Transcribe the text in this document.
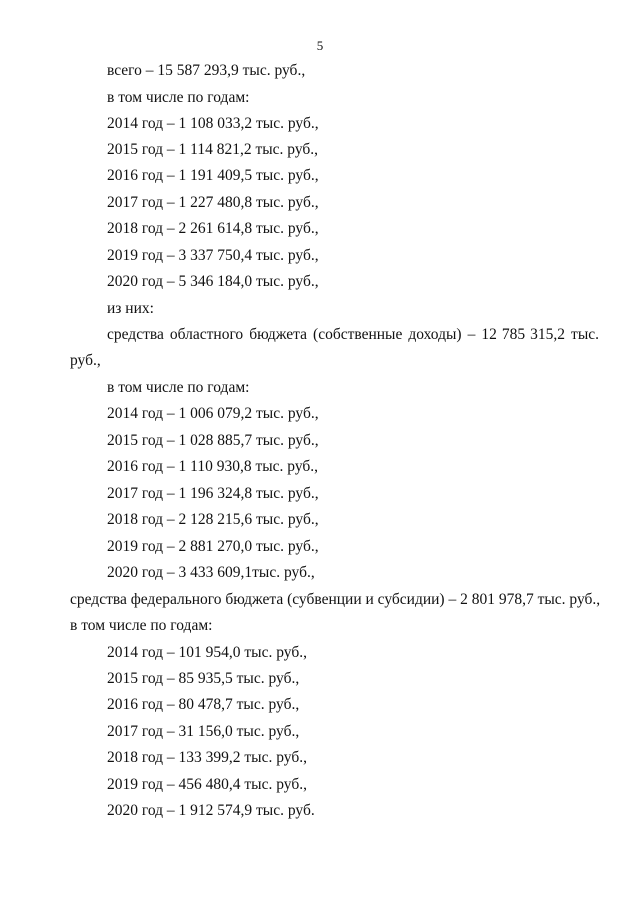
5
всего – 15 587 293,9 тыс. руб.,
в том числе по годам:
2014 год – 1 108 033,2 тыс. руб.,
2015 год – 1 114 821,2 тыс. руб.,
2016 год – 1 191 409,5 тыс. руб.,
2017 год – 1 227 480,8 тыс. руб.,
2018 год – 2 261 614,8 тыс. руб.,
2019 год – 3 337 750,4 тыс. руб.,
2020 год – 5 346 184,0 тыс. руб.,
из них:
средства областного бюджета (собственные доходы) – 12 785 315,2 тыс.
руб.,
в том числе по годам:
2014 год – 1 006 079,2 тыс. руб.,
2015 год – 1 028 885,7 тыс. руб.,
2016 год – 1 110 930,8 тыс. руб.,
2017 год – 1 196 324,8 тыс. руб.,
2018 год – 2 128 215,6 тыс. руб.,
2019 год – 2 881 270,0 тыс. руб.,
2020 год – 3 433 609,1тыс. руб.,
средства федерального бюджета (субвенции и субсидии) – 2 801 978,7 тыс. руб.,
в том числе по годам:
2014 год – 101 954,0 тыс. руб.,
2015 год – 85 935,5 тыс. руб.,
2016 год – 80 478,7 тыс. руб.,
2017 год – 31 156,0 тыс. руб.,
2018 год – 133 399,2 тыс. руб.,
2019 год – 456 480,4 тыс. руб.,
2020 год – 1 912 574,9 тыс. руб.
